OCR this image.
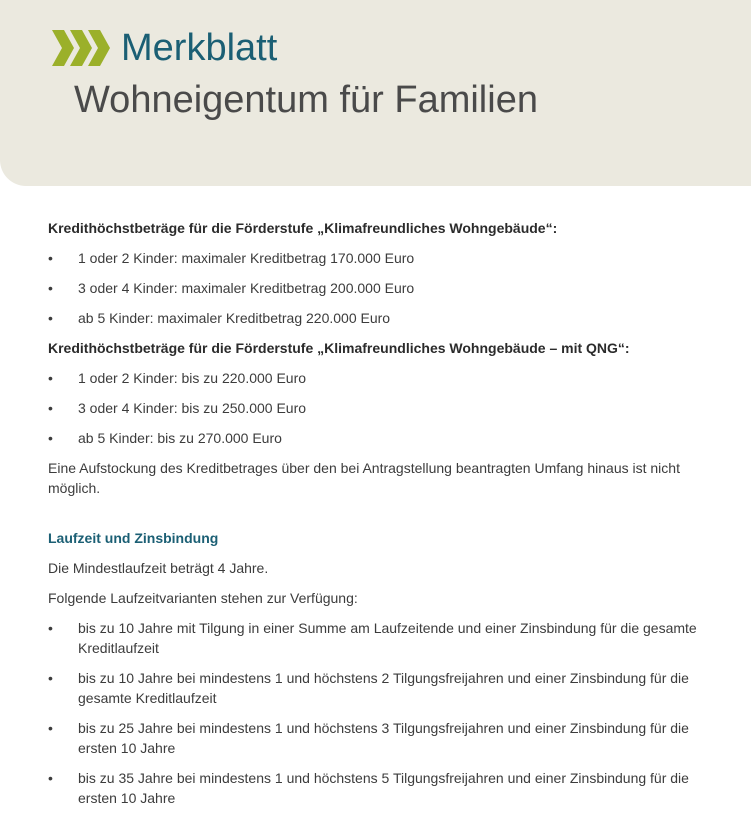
Merkblatt
Wohneigentum für Familien
Kredithöchstbeträge für die Förderstufe „Klimafreundliches Wohngebäude“:
• 1 oder 2 Kinder: maximaler Kreditbetrag 170.000 Euro
• 3 oder 4 Kinder: maximaler Kreditbetrag 200.000 Euro
• ab 5 Kinder: maximaler Kreditbetrag 220.000 Euro
Kredithöchstbeträge für die Förderstufe „Klimafreundliches Wohngebäude – mit QNG“:
• 1 oder 2 Kinder: bis zu 220.000 Euro
• 3 oder 4 Kinder: bis zu 250.000 Euro
• ab 5 Kinder: bis zu 270.000 Euro
Eine Aufstockung des Kreditbetrages über den bei Antragstellung beantragten Umfang hinaus ist nicht möglich.
Laufzeit und Zinsbindung
Die Mindestlaufzeit beträgt 4 Jahre.
Folgende Laufzeitvarianten stehen zur Verfügung:
• bis zu 10 Jahre mit Tilgung in einer Summe am Laufzeitende und einer Zinsbindung für die gesamte Kreditlaufzeit
• bis zu 10 Jahre bei mindestens 1 und höchstens 2 Tilgungsfreijahren und einer Zinsbindung für die gesamte Kreditlaufzeit
• bis zu 25 Jahre bei mindestens 1 und höchstens 3 Tilgungsfreijahren und einer Zinsbindung für die ersten 10 Jahre
• bis zu 35 Jahre bei mindestens 1 und höchstens 5 Tilgungsfreijahren und einer Zinsbindung für die ersten 10 Jahre
